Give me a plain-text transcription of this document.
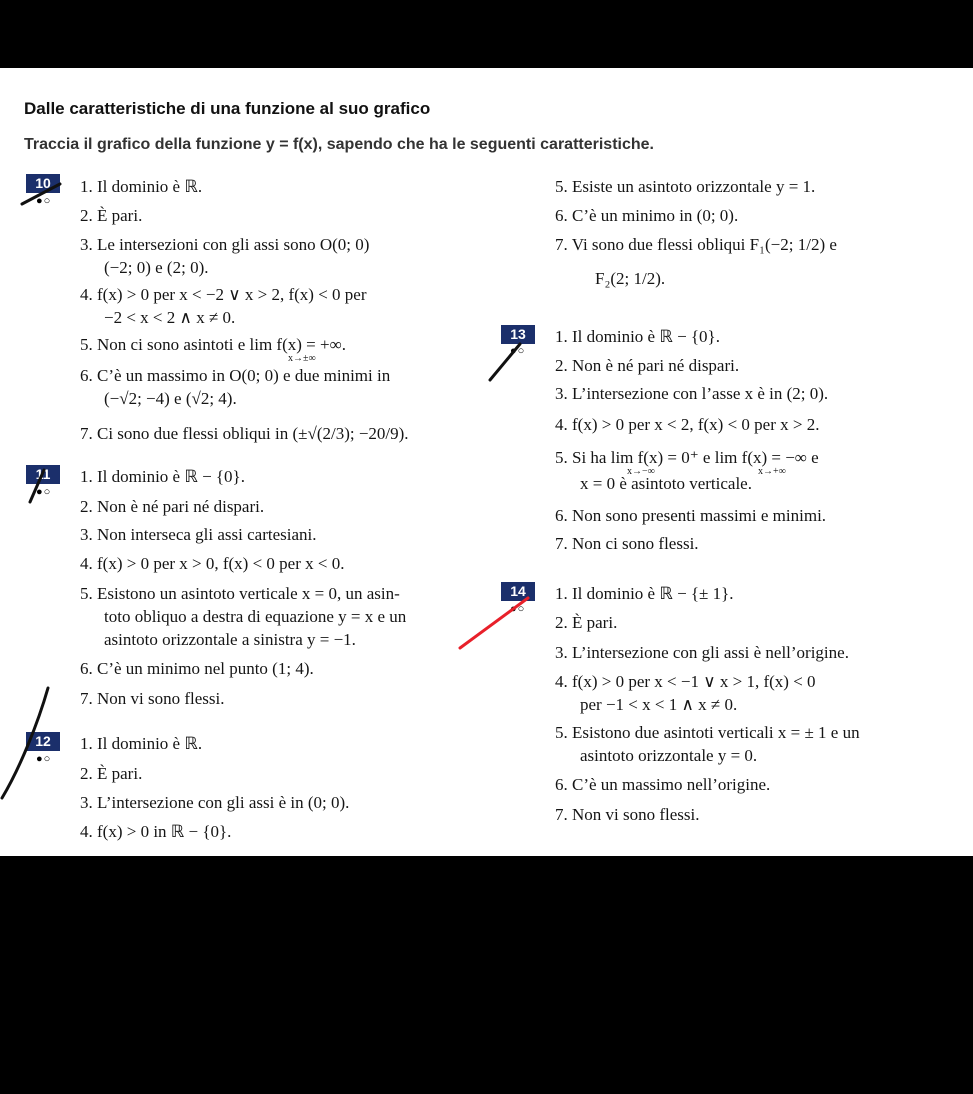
Dalle caratteristiche di una funzione al suo grafico
Traccia il grafico della funzione y = f(x), sapendo che ha le seguenti caratteristiche.
10
●○
1. Il dominio è ℝ.
2. È pari.
3. Le intersezioni con gli assi sono O(0; 0)
(−2; 0) e (2; 0).
4. f(x) > 0 per x < −2 ∨ x > 2, f(x) < 0 per
−2 < x < 2 ∧ x ≠ 0.
5. Non ci sono asintoti e lim f(x) = +∞.
x→±∞
6. C’è un massimo in O(0; 0) e due minimi in
(−√2; −4) e (√2; 4).
7. Ci sono due flessi obliqui in (±√(2/3); −20/9).
5. Esiste un asintoto orizzontale y = 1.
6. C’è un minimo in (0; 0).
7. Vi sono due flessi obliqui F₁(−2; 1/2) e
F₂(2; 1/2).
13
●○
1. Il dominio è ℝ − {0}.
2. Non è né pari né dispari.
3. L’intersezione con l’asse x è in (2; 0).
4. f(x) > 0 per x < 2, f(x) < 0 per x > 2.
5. Si ha lim f(x) = 0⁺ e lim f(x) = −∞ e
x→−∞	x→+∞
x = 0 è asintoto verticale.
6. Non sono presenti massimi e minimi.
7. Non ci sono flessi.
11
●○
1. Il dominio è ℝ − {0}.
2. Non è né pari né dispari.
3. Non interseca gli assi cartesiani.
4. f(x) > 0 per x > 0, f(x) < 0 per x < 0.
5. Esistono un asintoto verticale x = 0, un asin-
toto obliquo a destra di equazione y = x e un
asintoto orizzontale a sinistra y = −1.
6. C’è un minimo nel punto (1; 4).
7. Non vi sono flessi.
14
●○
1. Il dominio è ℝ − {± 1}.
2. È pari.
3. L’intersezione con gli assi è nell’origine.
4. f(x) > 0 per x < −1 ∨ x > 1, f(x) < 0
per −1 < x < 1 ∧ x ≠ 0.
5. Esistono due asintoti verticali x = ± 1 e un
asintoto orizzontale y = 0.
6. C’è un massimo nell’origine.
7. Non vi sono flessi.
12
●○
1. Il dominio è ℝ.
2. È pari.
3. L’intersezione con gli assi è in (0; 0).
4. f(x) > 0 in ℝ − {0}.
